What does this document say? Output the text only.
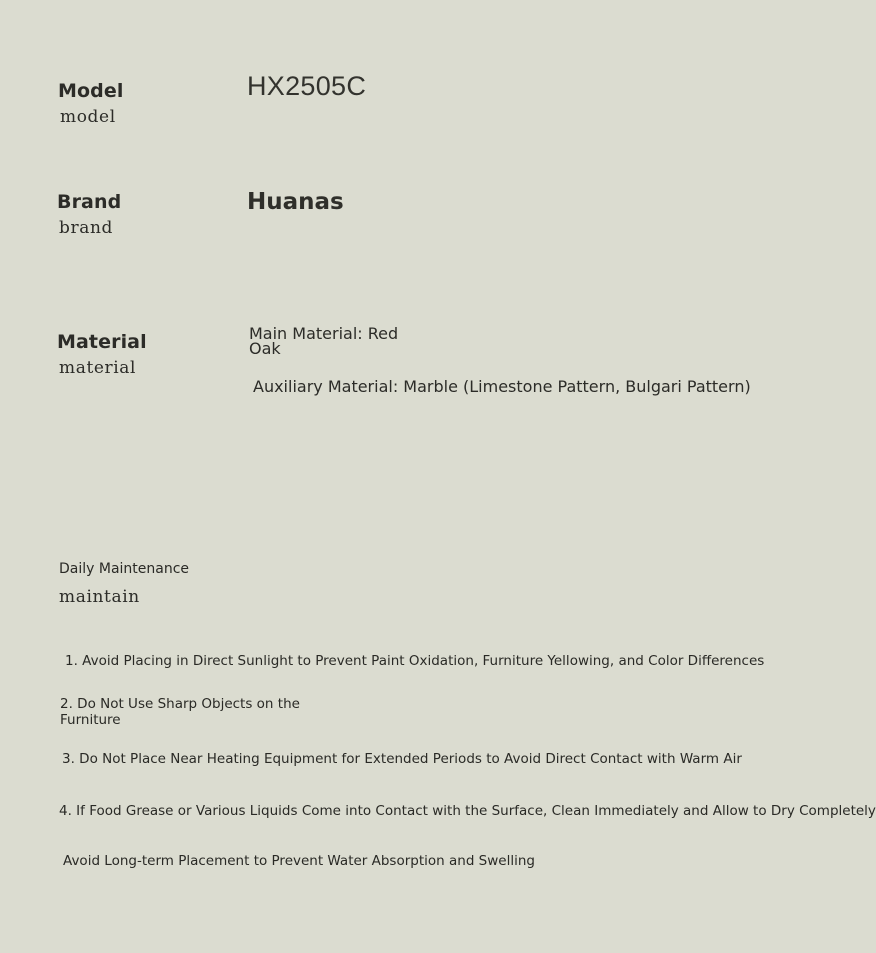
Model

model

HX2505C

Brand

brand

Huanas

Material

material

Main Material: Red Oak

Auxiliary Material: Marble (Limestone Pattern, Bulgari Pattern)

Daily Maintenance

maintain

1. Avoid Placing in Direct Sunlight to Prevent Paint Oxidation, Furniture Yellowing, and Color Differences

2. Do Not Use Sharp Objects on the Furniture

3. Do Not Place Near Heating Equipment for Extended Periods to Avoid Direct Contact with Warm Air

4. If Food Grease or Various Liquids Come into Contact with the Surface, Clean Immediately and Allow to Dry Completely

Avoid Long-term Placement to Prevent Water Absorption and Swelling
